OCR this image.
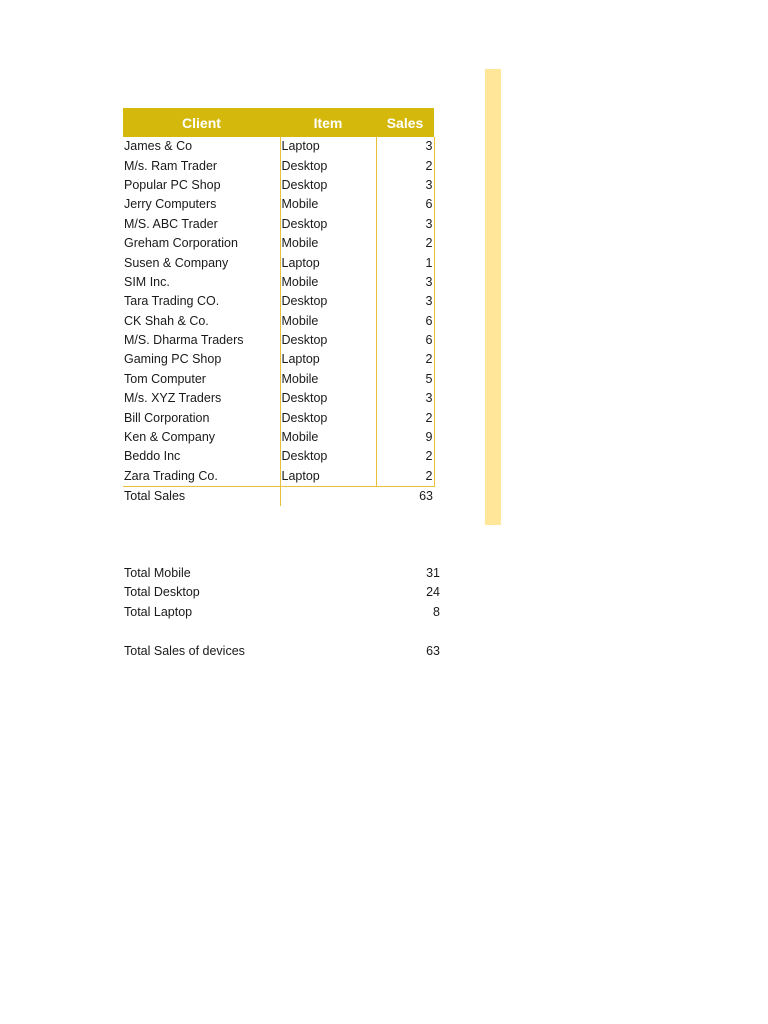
Client	Item	Sales
James & Co	Laptop	3
M/s. Ram Trader	Desktop	2
Popular PC Shop	Desktop	3
Jerry Computers	Mobile	6
M/S. ABC Trader	Desktop	3
Greham Corporation	Mobile	2
Susen & Company	Laptop	1
SIM Inc.	Mobile	3
Tara Trading CO.	Desktop	3
CK Shah & Co.	Mobile	6
M/S. Dharma Traders	Desktop	6
Gaming PC Shop	Laptop	2
Tom Computer	Mobile	5
M/s. XYZ Traders	Desktop	3
Bill Corporation	Desktop	2
Ken & Company	Mobile	9
Beddo Inc	Desktop	2
Zara Trading Co.	Laptop	2
Total Sales		63
Total Mobile	31
Total Desktop	24
Total Laptop	8
Total Sales of devices	63
